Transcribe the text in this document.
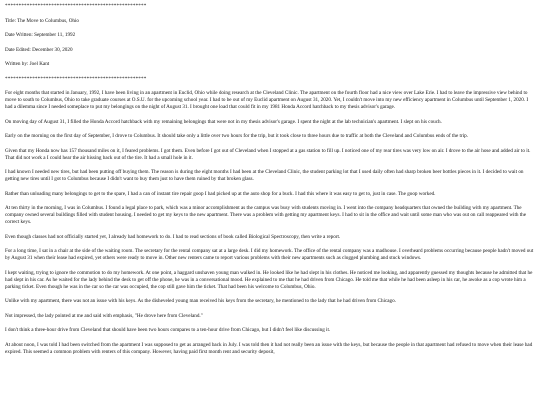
****************************************************
Title: The Move to Columbus, Ohio
Date Written: September 11, 1992
Date Edited: December 30, 2020
Written by: Joel Kant
****************************************************

For eight months that started in January, 1992, I have been living in an apartment in Euclid, Ohio while doing research at the Cleveland Clinic. The apartment on the fourth floor had a nice view over Lake Erie. I had to leave the impressive view behind to move to south to Columbus, Ohio to take graduate courses at O.S.U. for the upcoming school year. I had to be out of my Euclid apartment on August 31, 2020. Yet, I couldn't move into my new efficiency apartment in Columbus until September 1, 2020. I had a dilemma since I needed someplace to put my belongings on the night of August 31. I brought one load that could fit in my 1981 Honda Accord hatchback to my thesis advisor's garage.

On moving day of August 31, I filled the Honda Accord hatchback with my remaining belongings that were not in my thesis advisor's garage. I spent the night at the lab technician's apartment. I slept on his couch.

Early on the morning on the first day of September, I drove to Columbus. It should take only a little over two hours for the trip, but it took close to three hours due to traffic at both the Cleveland and Columbus ends of the trip.

Given that my Honda now has 157 thousand miles on it, I feared problems. I got them. Even before I got out of Cleveland when I stopped at a gas station to fill up. I noticed one of my rear tires was very low on air. I drove to the air hose and added air to it. That did not work a I could hear the air hissing back out of the tire. It had a small hole in it.

I had known I needed new tires, but had been putting off buying them. The reason is during the eight months I had been at the Cleveland Clinic, the student parking lot that I used daily often had sharp broken beer bottles pieces in it. I decided to wait on getting new tires until I got to Columbus because I didn't want to buy them just to have them ruined by that broken glass.

Rather than unloading many belongings to get to the spare, I had a can of instant tire repair goop I had picked up at the auto shop for a buck. I had this where it was easy to get to, just in case. The goop worked.

At ten thirty in the morning, I was in Columbus. I found a legal place to park, which was a minor accomplishment as the campus was busy with students moving in. I went into the company headquarters that owned the building with my apartment. The company owned several buildings filled with student housing. I needed to get my keys to the new apartment. There was a problem with getting my apartment keys. I had to sit in the office and wait until some man who was out on call reappeared with the correct keys.

Even though classes had not officially started yet, I already had homework to do. I had to read sections of book called Biological Spectroscopy, then write a report.

For a long time, I sat in a chair at the side of the waiting room. The secretary for the rental company sat at a large desk. I did my homework. The office of the rental company was a madhouse. I overheard problems occurring because people hadn't moved out by August 31 when their lease had expired, yet others were ready to move in. Other new renters came to report various problems with their new apartments such as clogged plumbing and stuck windows.

I kept waiting, trying to ignore the commotion to do my homework. At one point, a haggard unshaven young man walked in. He looked like he had slept in his clothes. He noticed me looking, and apparently guessed my thoughts because he admitted that he had slept in his car. As he waited for the lady behind the desk to get off the phone, he was in a conversational mood. He explained to me that he had driven from Chicago. He told me that while he had been asleep in his car, he awoke as a cop wrote him a parking ticket. Even though he was in the car so the car was occupied, the cop still gave him the ticket. That had been his welcome to Columbus, Ohio.

Unlike with my apartment, there was not an issue with his keys. As the disheveled young man received his keys from the secretary, he mentioned to the lady that he had driven from Chicago.

Not impressed, the lady pointed at me and said with emphasis, "He drove here from Cleveland."

I don't think a three-hour drive from Cleveland that should have been two hours compares to a ten-hour drive from Chicago, but I didn't feel like discussing it.

At about noon, I was told I had been switched from the apartment I was supposed to get as arranged back in July. I was told then it had not really been an issue with the keys, but because the people in that apartment had refused to move when their lease had expired. This seemed a common problem with renters of this company. However, having paid first month rent and security deposit,
